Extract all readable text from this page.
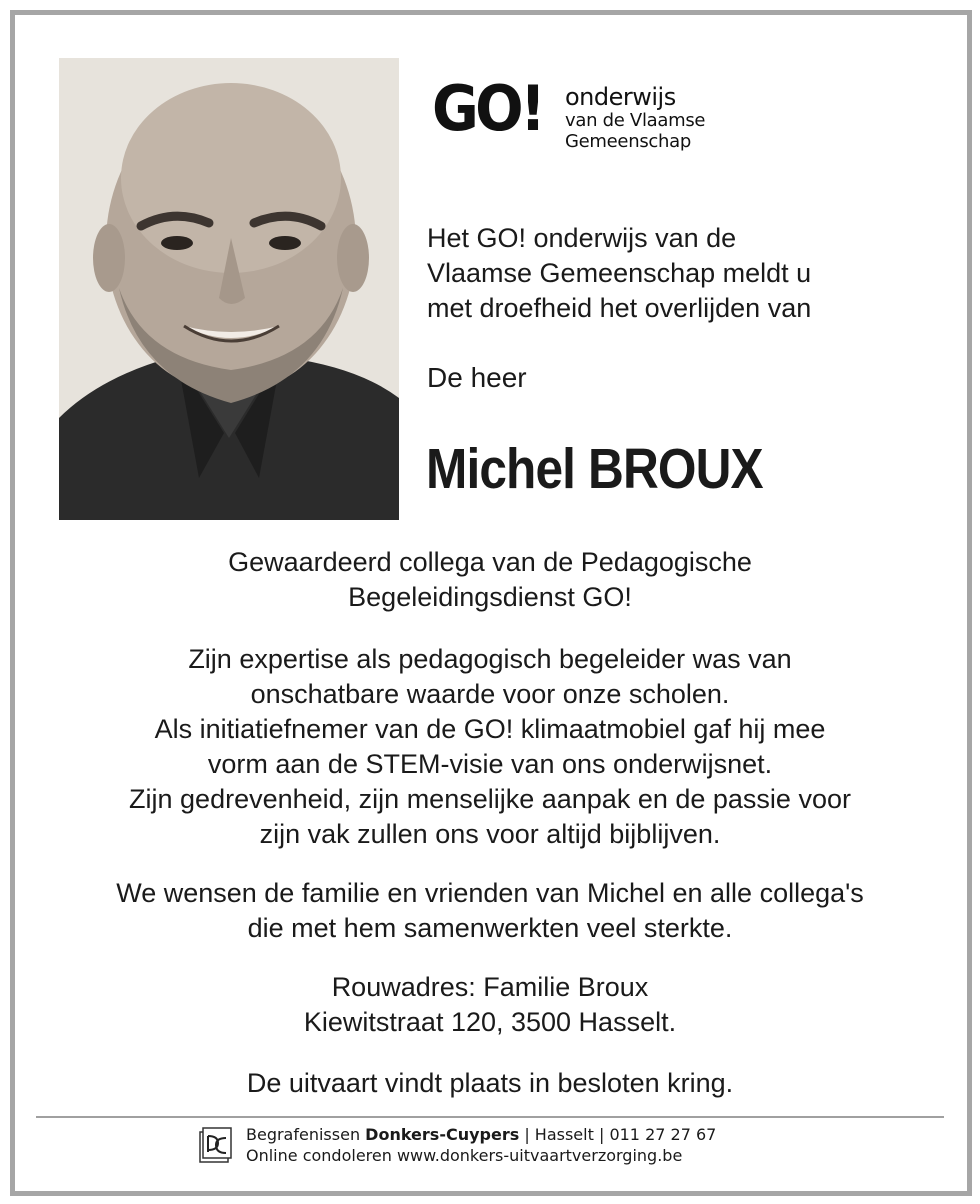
GO! onderwijs
van de Vlaamse
Gemeenschap
Het GO! onderwijs van de
Vlaamse Gemeenschap meldt u
met droefheid het overlijden van
De heer
Michel BROUX
Gewaardeerd collega van de Pedagogische
Begeleidingsdienst GO!
Zijn expertise als pedagogisch begeleider was van
onschatbare waarde voor onze scholen.
Als initiatiefnemer van de GO! klimaatmobiel gaf hij mee
vorm aan de STEM-visie van ons onderwijsnet.
Zijn gedrevenheid, zijn menselijke aanpak en de passie voor
zijn vak zullen ons voor altijd bijblijven.
We wensen de familie en vrienden van Michel en alle collega's
die met hem samenwerkten veel sterkte.
Rouwadres: Familie Broux
Kiewitstraat 120, 3500 Hasselt.
De uitvaart vindt plaats in besloten kring.
Begrafenissen Donkers-Cuypers | Hasselt | 011 27 27 67
Online condoleren www.donkers-uitvaartverzorging.be
